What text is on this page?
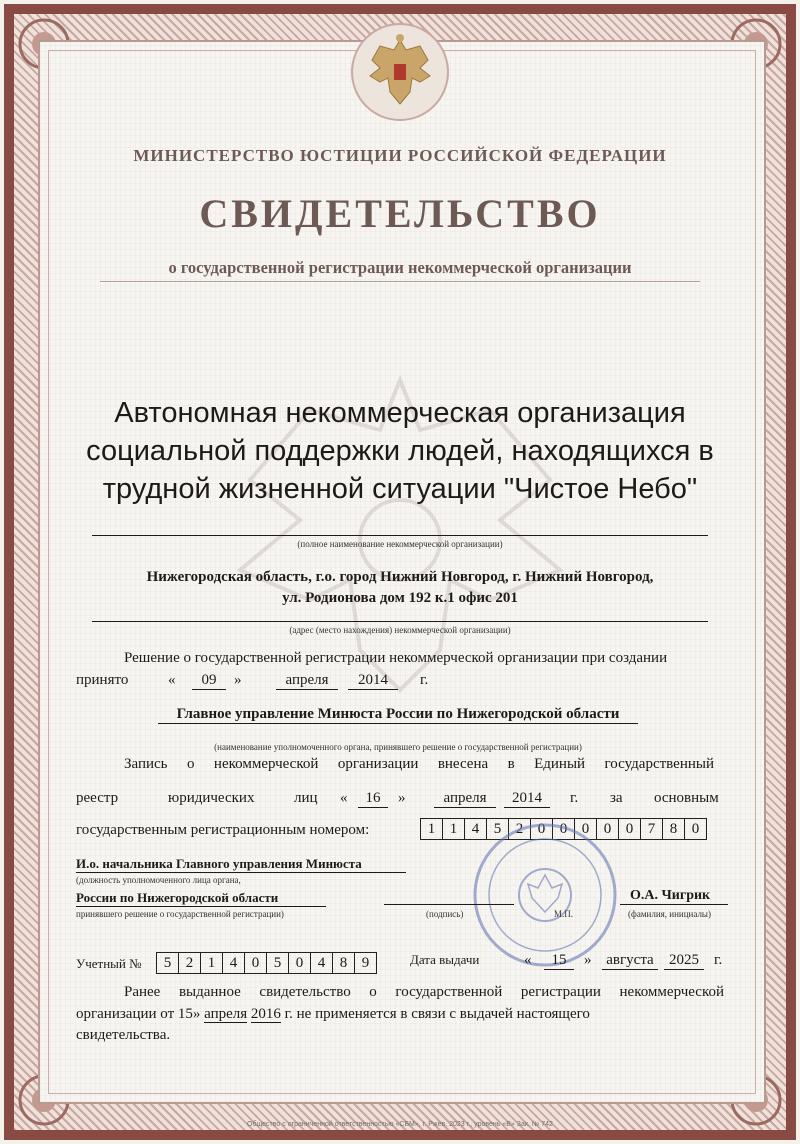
МИНИСТЕРСТВО ЮСТИЦИИ РОССИЙСКОЙ ФЕДЕРАЦИИ
СВИДЕТЕЛЬСТВО
о государственной регистрации некоммерческой организации
Автономная некоммерческая организация
социальной поддержки людей, находящихся в
трудной жизненной ситуации "Чистое Небо"
(полное наименование некоммерческой организации)
Нижегородская область, г.о. город Нижний Новгород, г. Нижний Новгород,
ул. Родионова дом 192 к.1 офис 201
(адрес (место нахождения) некоммерческой организации)
Решение о государственной регистрации некоммерческой организации при создании
принято	«	09	»	апреля	2014	г.
Главное управление Минюста России по Нижегородской области
(наименование уполномоченного органа, принявшего решение о государственной регистрации)
Запись о некоммерческой организации внесена в Единый государственный
реестр	юридических	лиц «	16	»	апреля	2014	г. за основным
государственным регистрационным номером:	1 1 4 5 2 0 0 0 0 0 7 8 0
И.о. начальника Главного управления Минюста
(должность уполномоченного лица органа,
России по Нижегородской области
принявшего решение о государственной регистрации)	(подпись)	М.П.
О.А. Чигрик
(фамилия, инициалы)
Учетный №	5 2 1 4 0 5 0 4 8 9	Дата выдачи	«	15	» августа	2025	г.
Ранее выданное свидетельство о государственной регистрации некоммерческой
организации от 15» апреля 2016 г. не применяется в связи с выдачей настоящего
свидетельства.
Общество с ограниченной ответственностью «СБМ», г. Ржев, 2023 г., уровень «В» Зак. № 742
